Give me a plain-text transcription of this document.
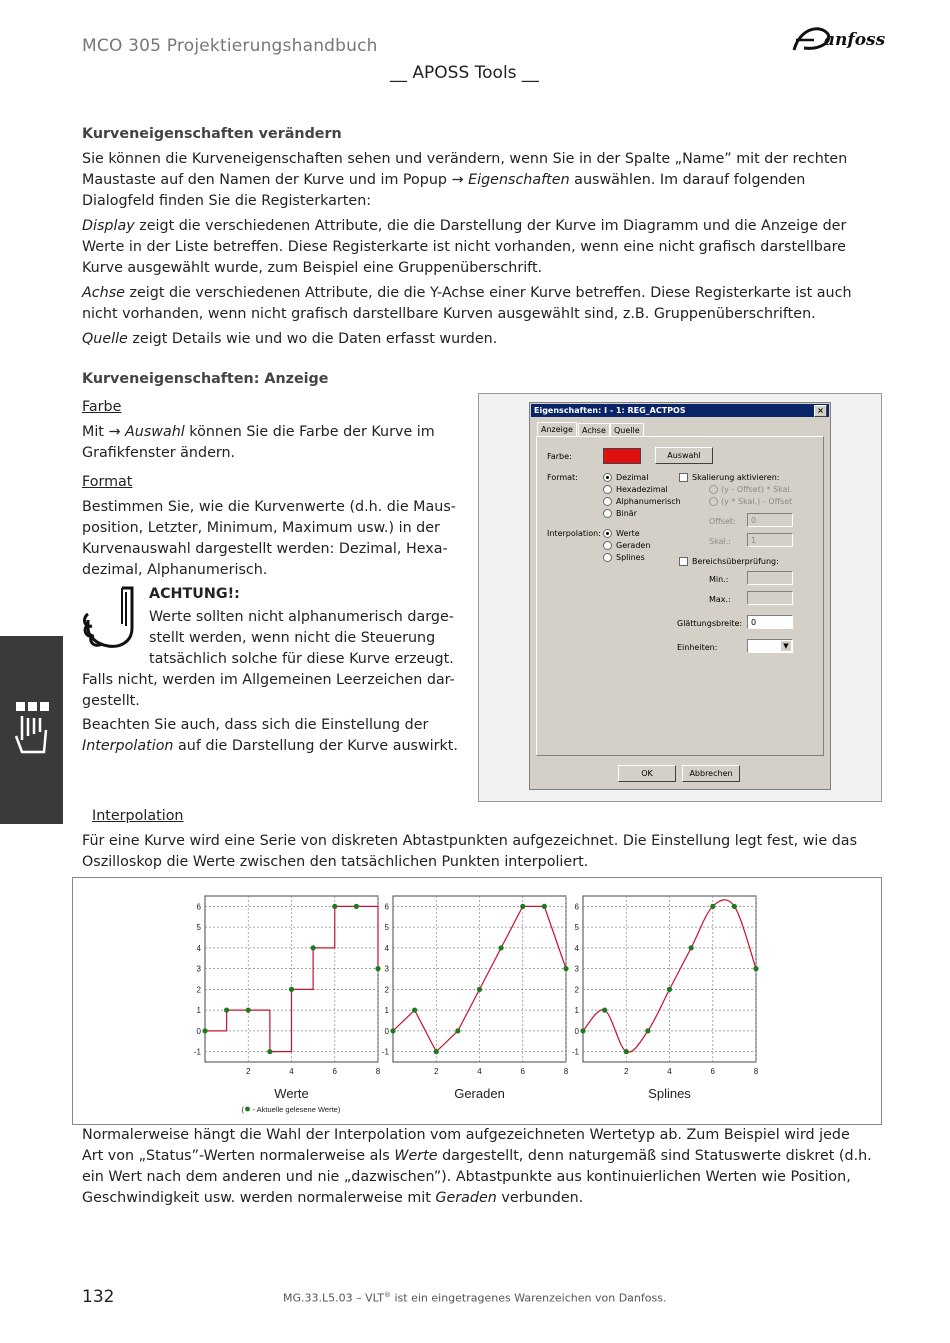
MCO 305 Projektierungshandbuch	anfoss
__ APOSS Tools __
Kurveneigenschaften verändern
Sie können die Kurveneigenschaften sehen und verändern, wenn Sie in der Spalte „Name” mit der rechten Maustaste auf den Namen der Kurve und im Popup → Eigenschaften auswählen. Im darauf folgenden Dialogfeld finden Sie die Registerkarten:
Display zeigt die verschiedenen Attribute, die die Darstellung der Kurve im Diagramm und die Anzeige der Werte in der Liste betreffen. Diese Registerkarte ist nicht vorhanden, wenn eine nicht grafisch darstellbare Kurve ausgewählt wurde, zum Beispiel eine Gruppenüberschrift.
Achse zeigt die verschiedenen Attribute, die die Y-Achse einer Kurve betreffen. Diese Registerkarte ist auch nicht vorhanden, wenn nicht grafisch darstellbare Kurven ausgewählt sind, z.B. Gruppenüberschriften.
Quelle zeigt Details wie und wo die Daten erfasst wurden.
Kurveneigenschaften: Anzeige
Farbe
Mit → Auswahl können Sie die Farbe der Kurve im Grafikfenster ändern.
Format
Bestimmen Sie, wie die Kurvenwerte (d.h. die Maus-position, Letzter, Minimum, Maximum usw.) in der Kurvenauswahl dargestellt werden: Dezimal, Hexa-dezimal, Alphanumerisch.
ACHTUNG!:
Werte sollten nicht alphanumerisch darge-stellt werden, wenn nicht die Steuerung tatsächlich solche für diese Kurve erzeugt.
Falls nicht, werden im Allgemeinen Leerzeichen dar-gestellt.
Beachten Sie auch, dass sich die Einstellung der Interpolation auf die Darstellung der Kurve auswirkt.
Eigenschaften: I - 1: REG_ACTPOS	×
Anzeige	Achse	Quelle
Farbe:	Auswahl
Format:	Dezimal
Hexadezimal
Alphanumerisch
Binär
Interpolation: Werte
Geraden
Splines
Skalierung aktivieren:
(y - Offset) * Skal.
(y * Skal.) - Offset
Offset:	0
Skal.:	1
Bereichsüberprüfung:
Min.:
Max.:
Glättungsbreite:	0
Einheiten:	▼
OK	Abbrechen
Interpolation
Für eine Kurve wird eine Serie von diskreten Abtastpunkten aufgezeichnet. Die Einstellung legt fest, wie das Oszilloskop die Werte zwischen den tatsächlichen Punkten interpoliert.
2	4	6	8
-1
0
1
2
3
4
5
6
Werte
( - Aktuelle gelesene Werte)
2	4	6	8
-1
0
1
2
3
4
5
6
Geraden
2	4	6	8
-1
0
1
2
3
4
5
6
Splines
Normalerweise hängt die Wahl der Interpolation vom aufgezeichneten Wertetyp ab. Zum Beispiel wird jede Art von „Status”-Werten normalerweise als Werte dargestellt, denn naturgemäß sind Statuswerte diskret (d.h. ein Wert nach dem anderen und nie „dazwischen”). Abtastpunkte aus kontinuierlichen Werten wie Position, Geschwindigkeit usw. werden normalerweise mit Geraden verbunden.
132	MG.33.L5.03 – VLT® ist ein eingetragenes Warenzeichen von Danfoss.
